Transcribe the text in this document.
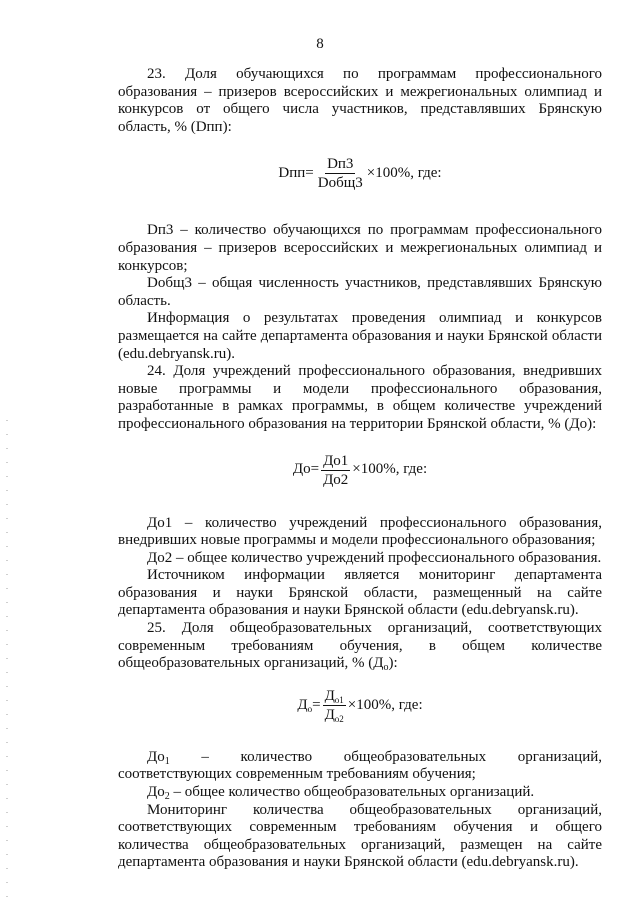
8

23. Доля обучающихся по программам профессионального образования – призеров всероссийских и межрегиональных олимпиад и конкурсов от общего числа участников, представлявших Брянскую область, % (Dпп):

$Dпп= \frac{Dп3}{\text{Dобщ3}} \times 100\%$, где:

Dп3 – количество обучающихся по программам профессионального образования – призеров всероссийских и межрегиональных олимпиад и конкурсов;

Dобщ3 – общая численность участников, представлявших Брянскую область.

Информация о результатах проведения олимпиад и конкурсов размещается на сайте департамента образования и науки Брянской области (edu.debryansk.ru).

24. Доля учреждений профессионального образования, внедривших новые программы и модели профессионального образования, разработанные в рамках программы, в общем количестве учреждений профессионального образования на территории Брянской области, % (До):

$До= \frac{До1}{До2} \times 100\%$, где:

До1 – количество учреждений профессионального образования, внедривших новые программы и модели профессионального образования;

До2 – общее количество учреждений профессионального образования.

Источником информации является мониторинг департамента образования и науки Брянской области, размещенный на сайте департамента образования и науки Брянской области (edu.debryansk.ru).

25. Доля общеобразовательных организаций, соответствующих современным требованиям обучения, в общем количестве общеобразовательных организаций, % $(Д_о)$:

$Д_о= \frac{Д_{о1}}{Д_{о2}} \times 100\%$, где:

$До_1$ – количество общеобразовательных организаций, соответствующих современным требованиям обучения;

$До_2$ – общее количество общеобразовательных организаций.

Мониторинг количества общеобразовательных организаций, соответствующих современным требованиям обучения и общего количества общеобразовательных организаций, размещен на сайте департамента образования и науки Брянской области (edu.debryansk.ru).
